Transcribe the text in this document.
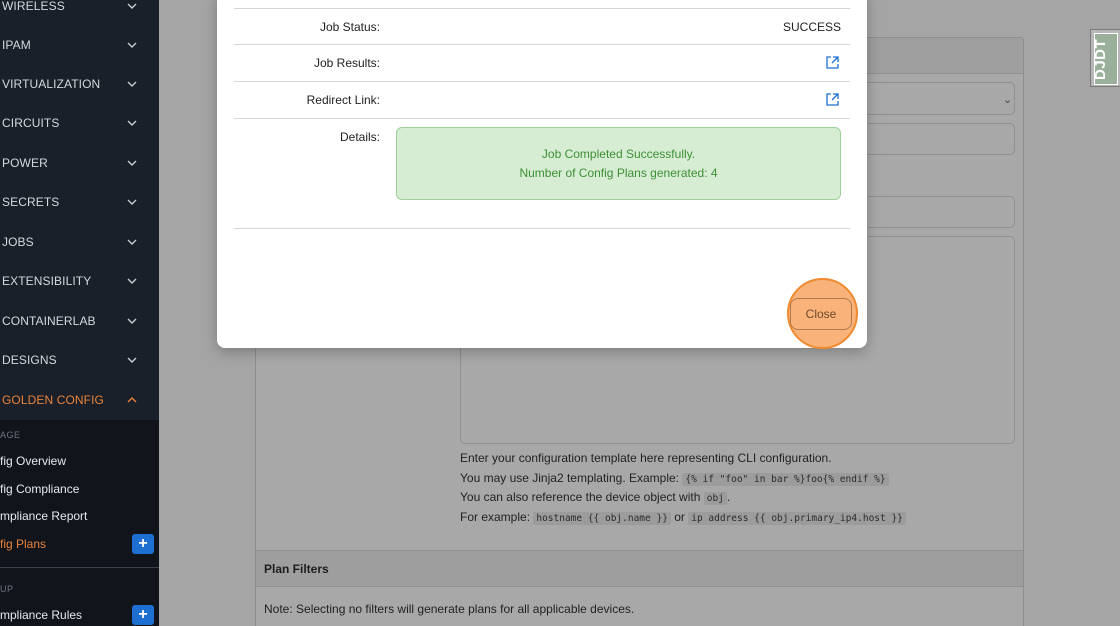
WIRELESS
IPAM
VIRTUALIZATION
CIRCUITS
POWER
SECRETS
JOBS
EXTENSIBILITY
CONTAINERLAB
DESIGNS
GOLDEN CONFIG
AGE
fig Overview
fig Compliance
mpliance Report
fig Plans	+
UP
mpliance Rules	+
⌄
Enter your configuration template here representing CLI configuration.
You may use Jinja2 templating. Example: {% if "foo" in bar %}foo{% endif %}
You can also reference the device object with obj .
For example: hostname {{ obj.name }} or ip address {{ obj.primary_ip4.host }}
Plan Filters
Note: Selecting no filters will generate plans for all applicable devices.
DJDT
Job Status:	SUCCESS
Job Results:
Redirect Link:
Details:
Job Completed Successfully.
Number of Config Plans generated: 4
Close
